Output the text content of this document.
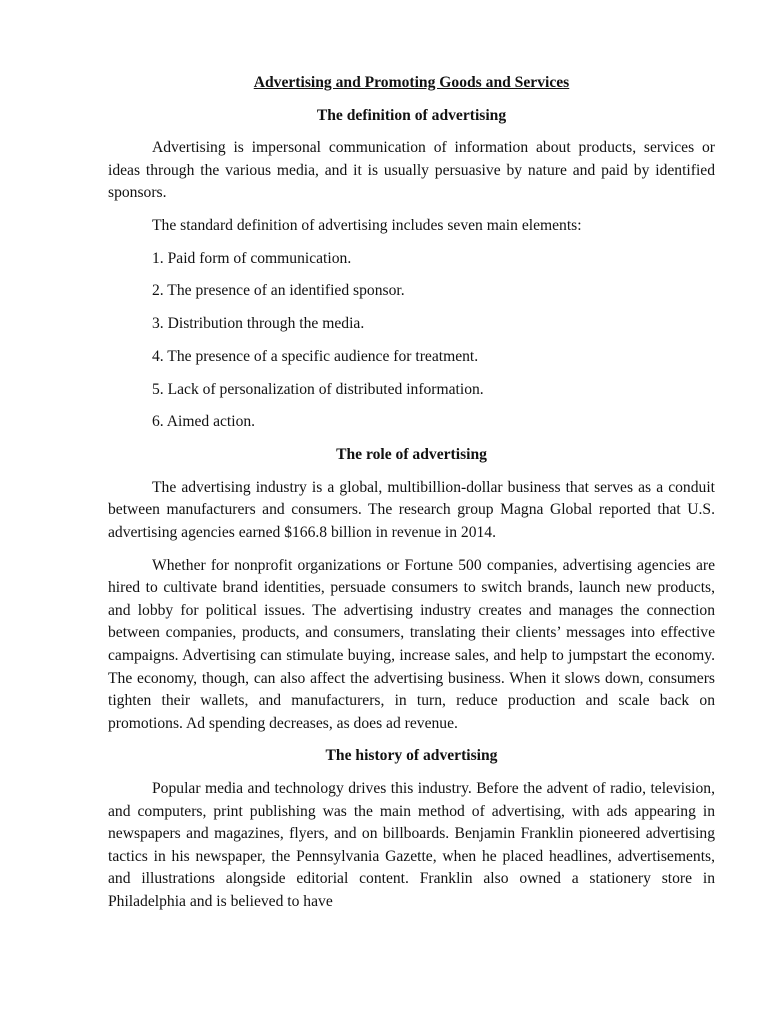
Advertising and Promoting Goods and Services
The definition of advertising

Advertising is impersonal communication of information about products, services or ideas through the various media, and it is usually persuasive by nature and paid by identified sponsors.

The standard definition of advertising includes seven main elements:

1. Paid form of communication.
2. The presence of an identified sponsor.
3. Distribution through the media.
4. The presence of a specific audience for treatment.
5. Lack of personalization of distributed information.
6. Aimed action.
The role of advertising

The advertising industry is a global, multibillion-dollar business that serves as a conduit between manufacturers and consumers. The research group Magna Global reported that U.S. advertising agencies earned $166.8 billion in revenue in 2014.

Whether for nonprofit organizations or Fortune 500 companies, advertising agencies are hired to cultivate brand identities, persuade consumers to switch brands, launch new products, and lobby for political issues. The advertising industry creates and manages the connection between companies, products, and consumers, translating their clients’ messages into effective campaigns. Advertising can stimulate buying, increase sales, and help to jumpstart the economy. The economy, though, can also affect the advertising business. When it slows down, consumers tighten their wallets, and manufacturers, in turn, reduce production and scale back on promotions. Ad spending decreases, as does ad revenue.

The history of advertising

Popular media and technology drives this industry. Before the advent of radio, television, and computers, print publishing was the main method of advertising, with ads appearing in newspapers and magazines, flyers, and on billboards. Benjamin Franklin pioneered advertising tactics in his newspaper, the Pennsylvania Gazette, when he placed headlines, advertisements, and illustrations alongside editorial content. Franklin also owned a stationery store in Philadelphia and is believed to have
